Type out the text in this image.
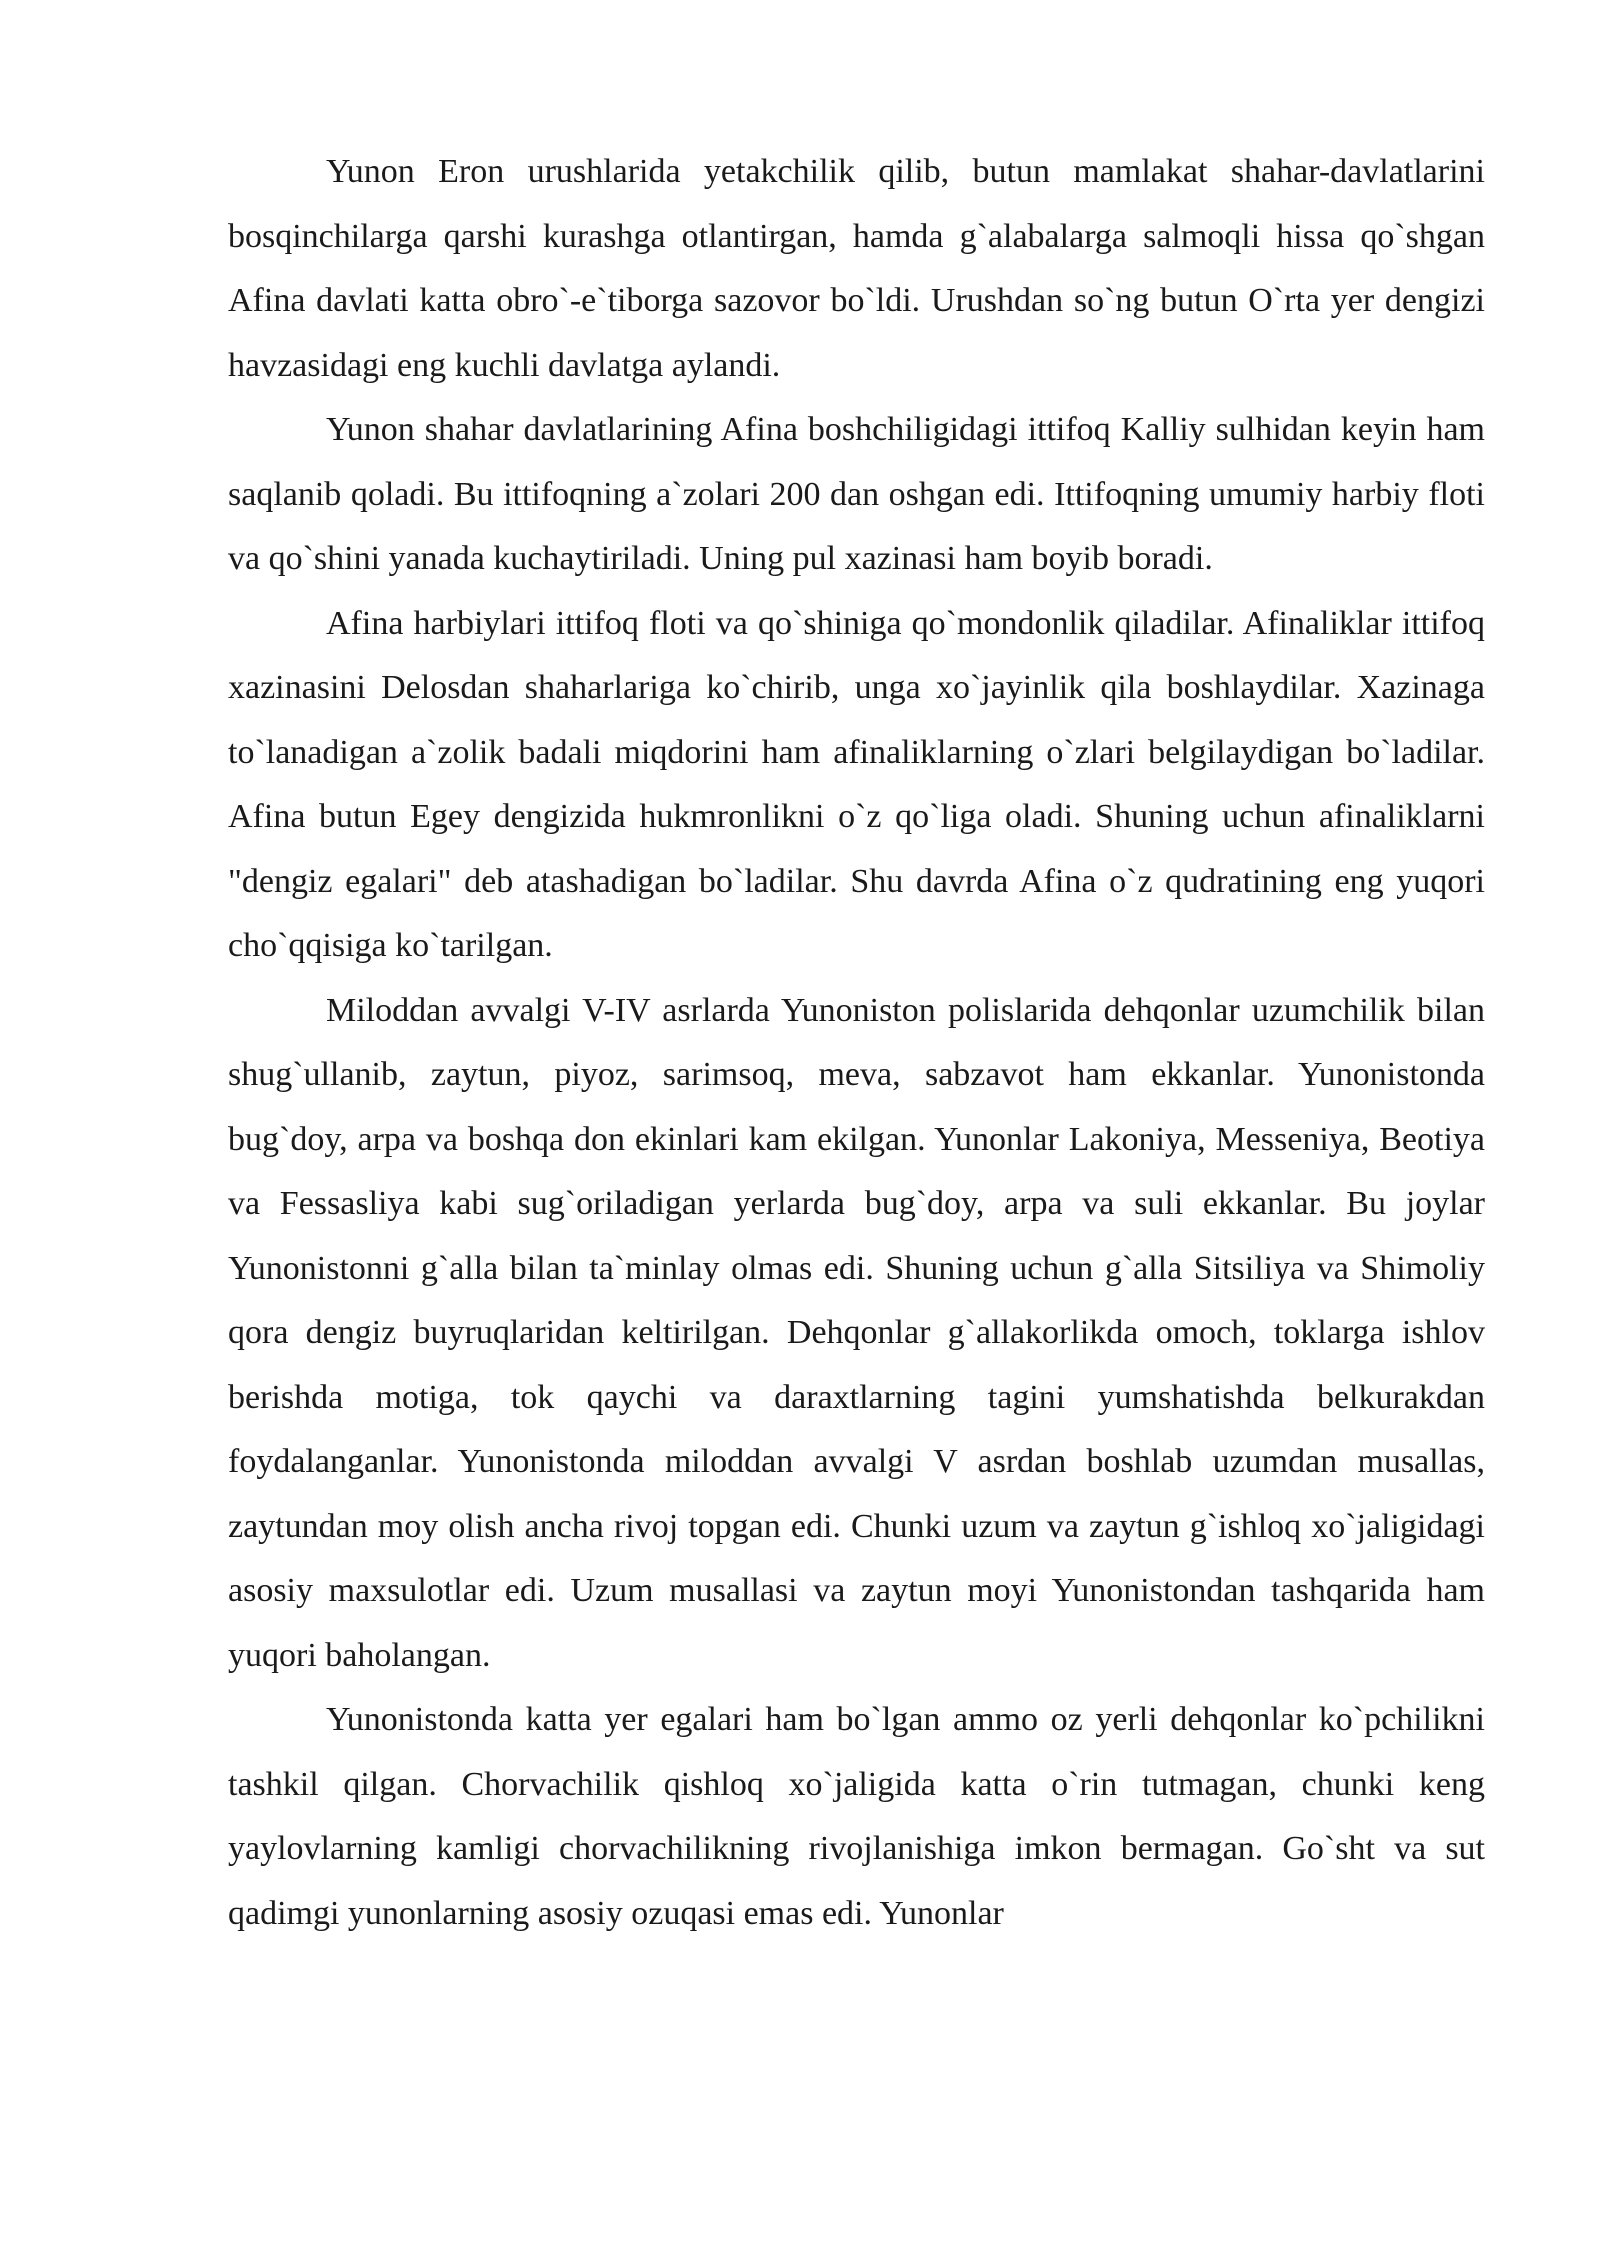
Yunon Eron urushlarida yetakchilik qilib, butun mamlakat shahar-davlatlarini bosqinchilarga qarshi kurashga otlantirgan, hamda g`alabalarga salmoqli hissa qo`shgan Afina davlati katta obro`-e`tiborga sazovor bo`ldi. Urushdan so`ng butun O`rta yer dengizi havzasidagi eng kuchli davlatga aylandi.

Yunon shahar davlatlarining Afina boshchiligidagi ittifoq Kalliy sulhidan keyin ham saqlanib qoladi. Bu ittifoqning a`zolari 200 dan oshgan edi. Ittifoqning umumiy harbiy floti va qo`shini yanada kuchaytiriladi. Uning pul xazinasi ham boyib boradi.

Afina harbiylari ittifoq floti va qo`shiniga qo`mondonlik qiladilar. Afinaliklar ittifoq xazinasini Delosdan shaharlariga ko`chirib, unga xo`jayinlik qila boshlaydilar. Xazinaga to`lanadigan a`zolik badali miqdorini ham afinaliklarning o`zlari belgilaydigan bo`ladilar. Afina butun Egey dengizida hukmronlikni o`z qo`liga oladi. Shuning uchun afinaliklarni "dengiz egalari" deb atashadigan bo`ladilar. Shu davrda Afina o`z qudratining eng yuqori cho`qqisiga ko`tarilgan.

Miloddan avvalgi V-IV asrlarda Yunoniston polislarida dehqonlar uzumchilik bilan shug`ullanib, zaytun, piyoz, sarimsoq, meva, sabzavot ham ekkanlar. Yunonistonda bug`doy, arpa va boshqa don ekinlari kam ekilgan. Yunonlar Lakoniya, Messeniya, Beotiya va Fessasliya kabi sug`oriladigan yerlarda bug`doy, arpa va suli ekkanlar. Bu joylar Yunonistonni g`alla bilan ta`minlay olmas edi. Shuning uchun g`alla Sitsiliya va Shimoliy qora dengiz buyruqlaridan keltirilgan. Dehqonlar g`allakorlikda omoch, toklarga ishlov berishda motiga, tok qaychi va daraxtlarning tagini yumshatishda belkurakdan foydalanganlar. Yunonistonda miloddan avvalgi V asrdan boshlab uzumdan musallas, zaytundan moy olish ancha rivoj topgan edi. Chunki uzum va zaytun g`ishloq xo`jaligidagi asosiy maxsulotlar edi. Uzum musallasi va zaytun moyi Yunonistondan tashqarida ham yuqori baholangan.

Yunonistonda katta yer egalari ham bo`lgan ammo oz yerli dehqonlar ko`pchilikni tashkil qilgan. Chorvachilik qishloq xo`jaligida katta o`rin tutmagan, chunki keng yaylovlarning kamligi chorvachilikning rivojlanishiga imkon bermagan. Go`sht va sut qadimgi yunonlarning asosiy ozuqasi emas edi. Yunonlar
